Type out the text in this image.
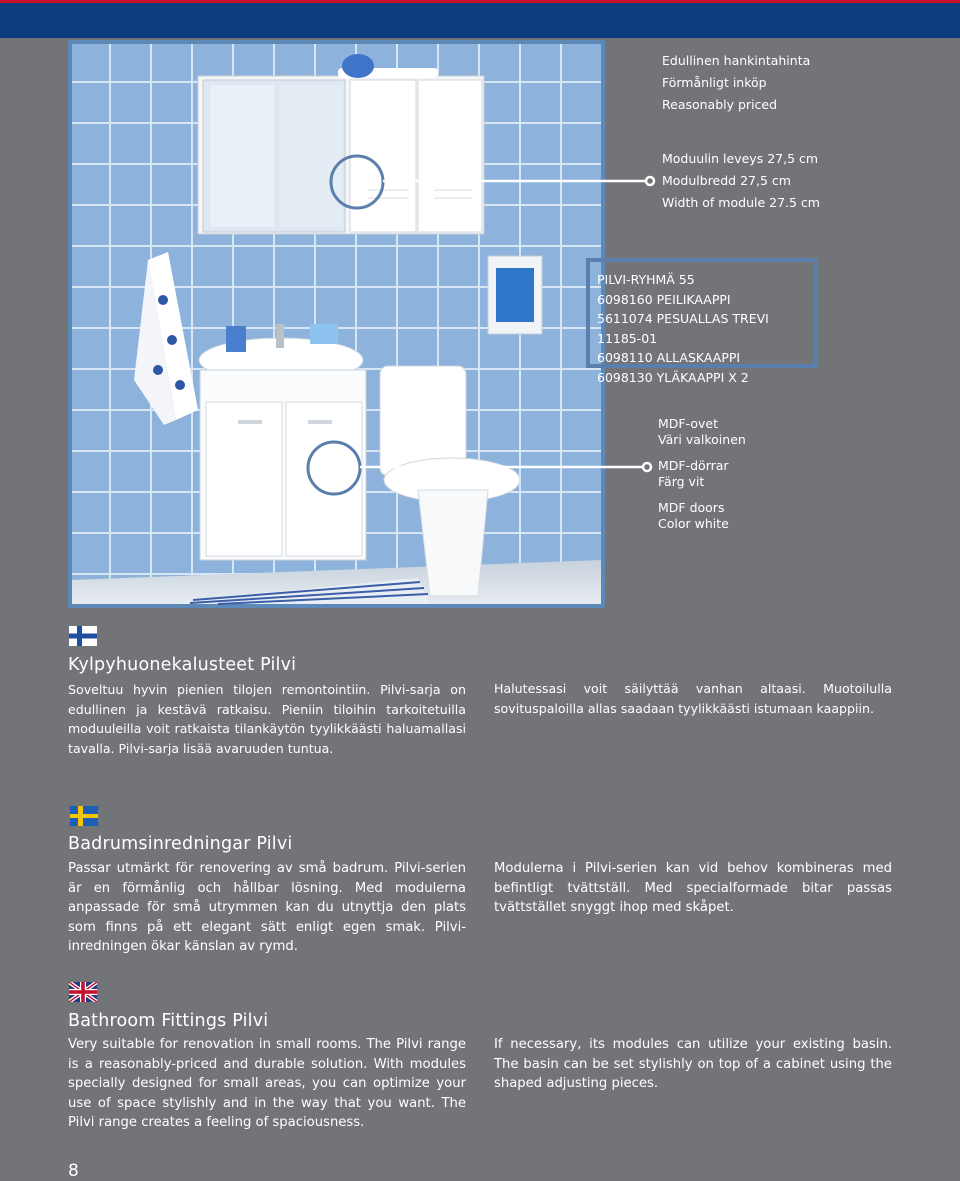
Edullinen hankintahinta
Förmånligt inköp
Reasonably priced
Moduulin leveys 27,5 cm
Modulbredd 27,5 cm
Width of module 27.5 cm
PILVI-RYHMÄ 55
6098160 PEILIKAAPPI
5611074 PESUALLAS TREVI 11185-01
6098110 ALLASKAAPPI
6098130 YLÄKAAPPI X 2
MDF-ovet
Väri valkoinen
MDF-dörrar
Färg vit
MDF doors
Color white
Kylpyhuonekalusteet Pilvi
Soveltuu hyvin pienien tilojen remontointiin. Pilvi-sarja on edullinen ja kestävä ratkaisu. Pieniin tiloihin tarkoitetuilla moduuleilla voit ratkaista tilankäytön tyylikkäästi haluamallasi tavalla. Pilvi-sarja lisää avaruuden tuntua.
Halutessasi voit säilyttää vanhan altaasi. Muotoilulla sovituspaloilla allas saadaan tyylikkäästi istumaan kaappiin.
Badrumsinredningar Pilvi
Passar utmärkt för renovering av små badrum. Pilvi-serien är en förmånlig och hållbar lösning. Med modulerna anpassade för små utrymmen kan du utnyttja den plats som finns på ett elegant sätt enligt egen smak. Pilvi-inredningen ökar känslan av rymd.
Modulerna i Pilvi-serien kan vid behov kombineras med befintligt tvättställ. Med specialformade bitar passas tvättstället snyggt ihop med skåpet.
Bathroom Fittings Pilvi
Very suitable for renovation in small rooms. The Pilvi range is a reasonably-priced and durable solution. With modules specially designed for small areas, you can optimize your use of space stylishly and in the way that you want. The Pilvi range creates a feeling of spaciousness.
If necessary, its modules can utilize your existing basin. The basin can be set stylishly on top of a cabinet using the shaped adjusting pieces.
8
